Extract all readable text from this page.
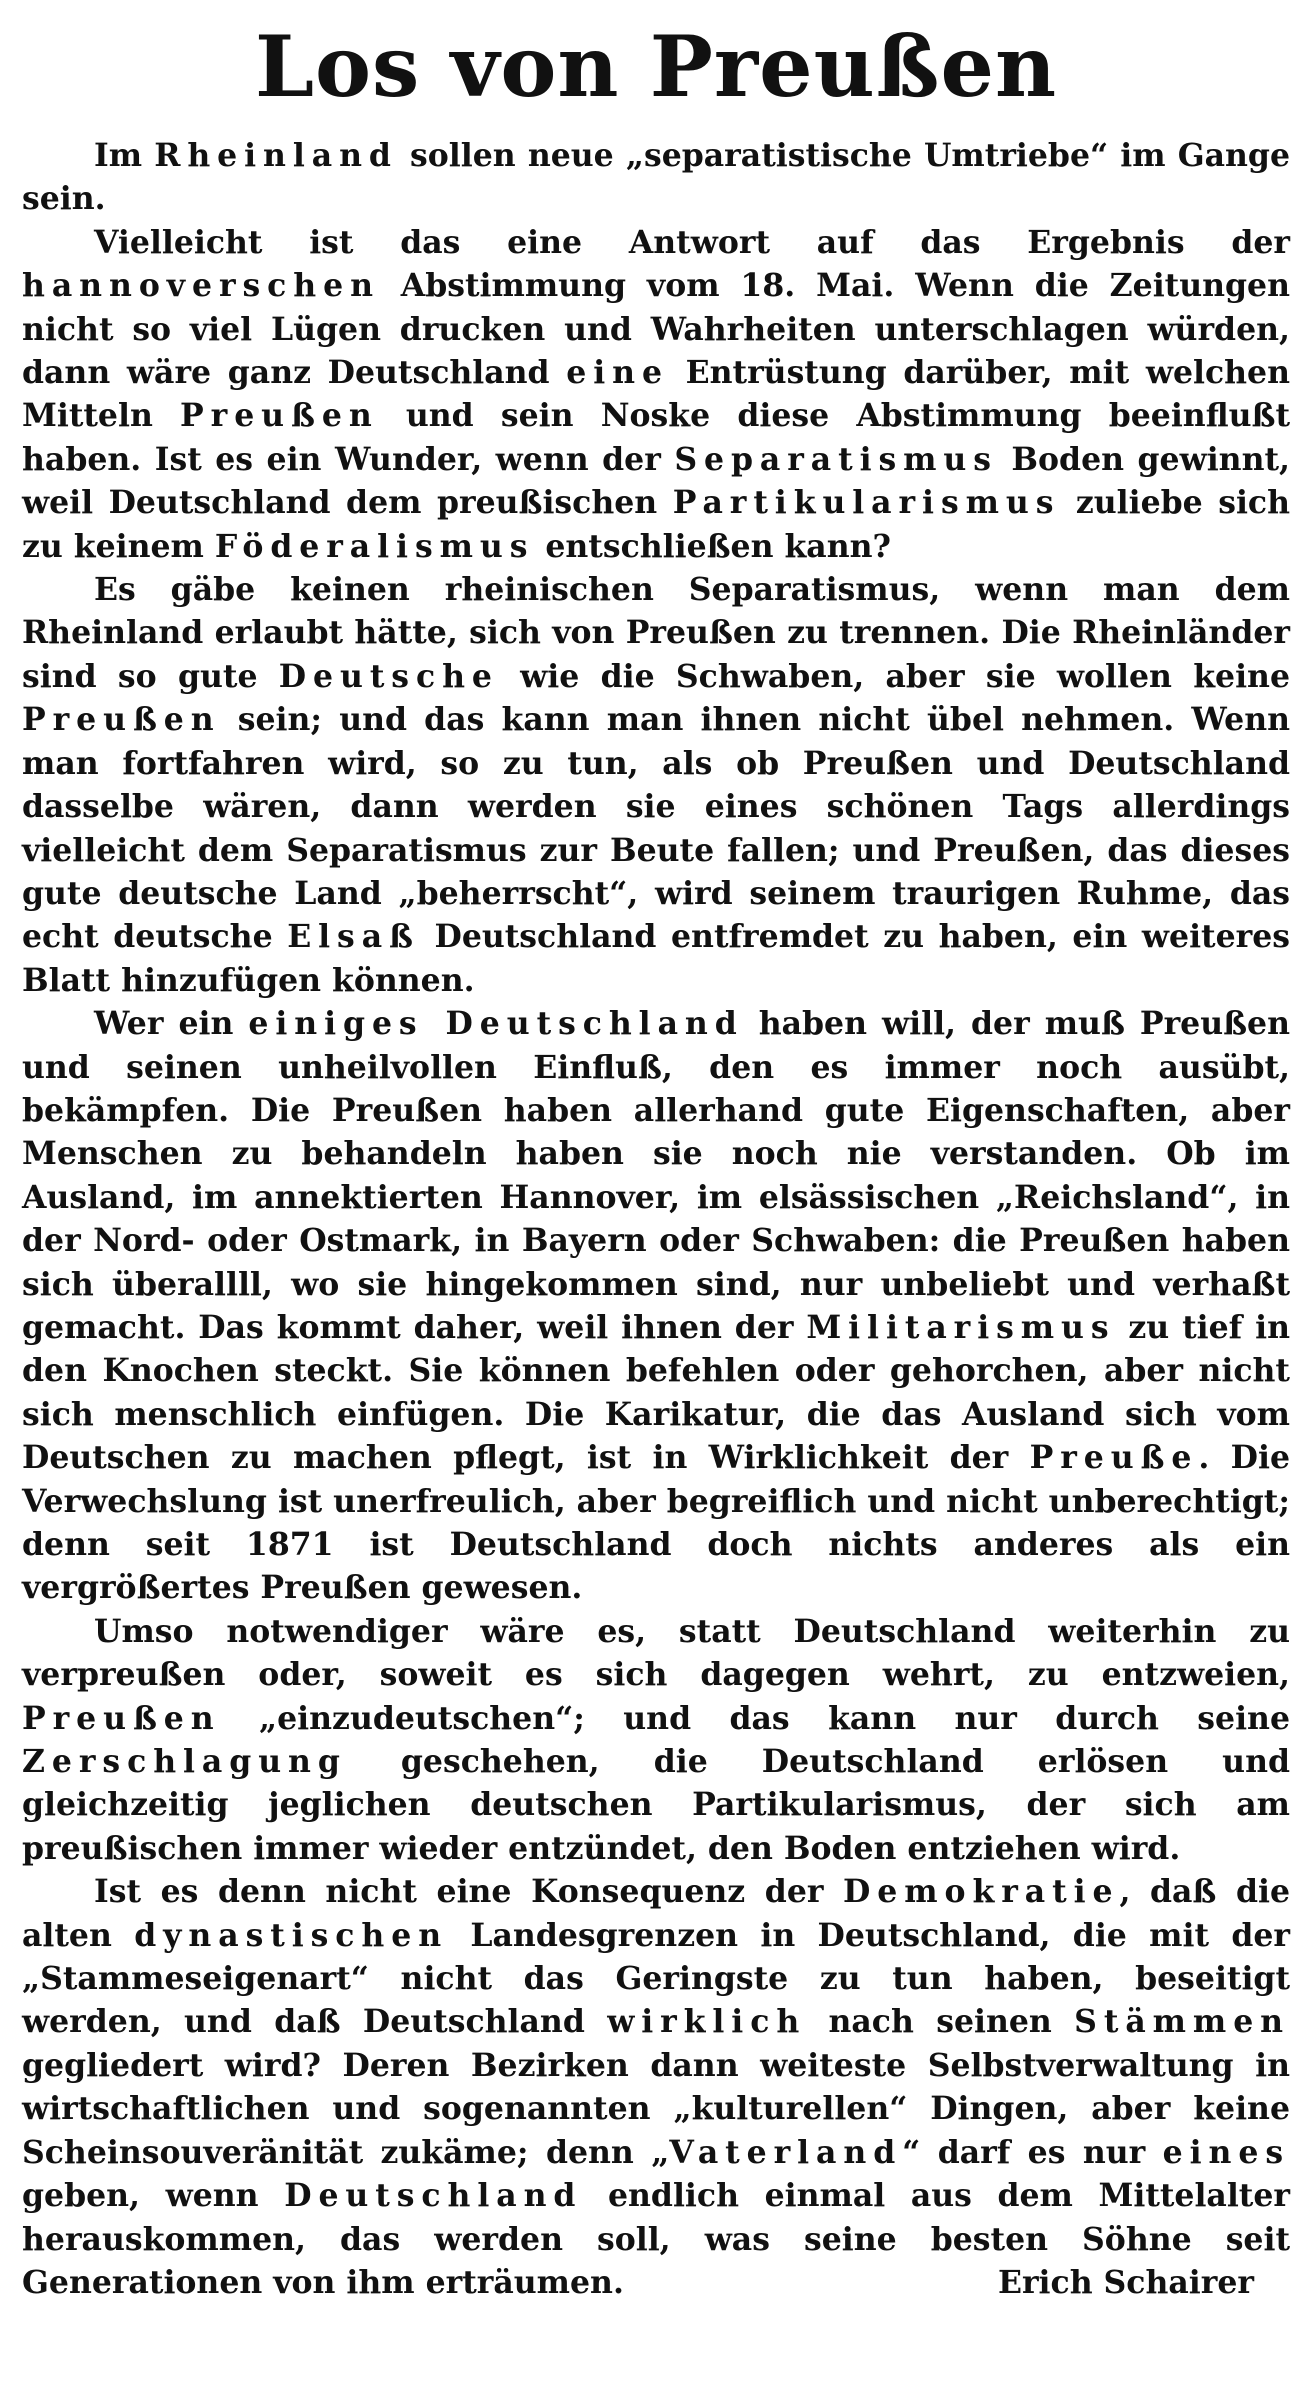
Los von Preußen

Im Rheinland sollen neue „separatistische Umtriebe“ im Gange sein.

Vielleicht ist das eine Antwort auf das Ergebnis der hannoverschen Abstimmung vom 18. Mai. Wenn die Zeitungen nicht so viel Lügen drucken und Wahrheiten unterschlagen würden, dann wäre ganz Deutschland eine Entrüstung darüber, mit welchen Mitteln Preußen und sein Noske diese Abstimmung beeinflußt haben. Ist es ein Wunder, wenn der Separatismus Boden gewinnt, weil Deutschland dem preußischen Partikularismus zuliebe sich zu keinem Föderalismus entschließen kann?

Es gäbe keinen rheinischen Separatismus, wenn man dem Rheinland erlaubt hätte, sich von Preußen zu trennen. Die Rheinländer sind so gute Deutsche wie die Schwaben, aber sie wollen keine Preußen sein; und das kann man ihnen nicht übel nehmen. Wenn man fortfahren wird, so zu tun, als ob Preußen und Deutschland dasselbe wären, dann werden sie eines schönen Tags allerdings vielleicht dem Separatismus zur Beute fallen; und Preußen, das dieses gute deutsche Land „beherrscht“, wird seinem traurigen Ruhme, das echt deutsche Elsaß Deutschland entfremdet zu haben, ein weiteres Blatt hinzufügen können.

Wer ein einiges Deutschland haben will, der muß Preußen und seinen unheilvollen Einfluß, den es immer noch ausübt, bekämpfen. Die Preußen haben allerhand gute Eigenschaften, aber Menschen zu behandeln haben sie noch nie verstanden. Ob im Ausland, im annektierten Hannover, im elsässischen „Reichsland“, in der Nord- oder Ostmark, in Bayern oder Schwaben: die Preußen haben sich überallll, wo sie hingekommen sind, nur unbeliebt und verhaßt gemacht. Das kommt daher, weil ihnen der Militarismus zu tief in den Knochen steckt. Sie können befehlen oder gehorchen, aber nicht sich menschlich einfügen. Die Karikatur, die das Ausland sich vom Deutschen zu machen pflegt, ist in Wirklichkeit der Preuße. Die Verwechslung ist unerfreulich, aber begreiflich und nicht unberechtigt; denn seit 1871 ist Deutschland doch nichts anderes als ein vergrößertes Preußen gewesen.

Umso notwendiger wäre es, statt Deutschland weiterhin zu verpreußen oder, soweit es sich dagegen wehrt, zu entzweien, Preußen „einzudeutschen“; und das kann nur durch seine Zerschlagung geschehen, die Deutschland erlösen und gleichzeitig jeglichen deutschen Partikularismus, der sich am preußischen immer wieder entzündet, den Boden entziehen wird.

Ist es denn nicht eine Konsequenz der Demokratie, daß die alten dynastischen Landesgrenzen in Deutschland, die mit der „Stammeseigenart“ nicht das Geringste zu tun haben, beseitigt werden, und daß Deutschland wirklich nach seinen Stämmen gegliedert wird? Deren Bezirken dann weiteste Selbstverwaltung in wirtschaftlichen und sogenannten „kulturellen“ Dingen, aber keine Scheinsouveränität zukäme; denn „Vaterland“ darf es nur eines geben, wenn Deutschland endlich einmal aus dem Mittelalter herauskommen, das werden soll, was seine besten Söhne seit Generationen von ihm erträumen.	Erich Schairer
